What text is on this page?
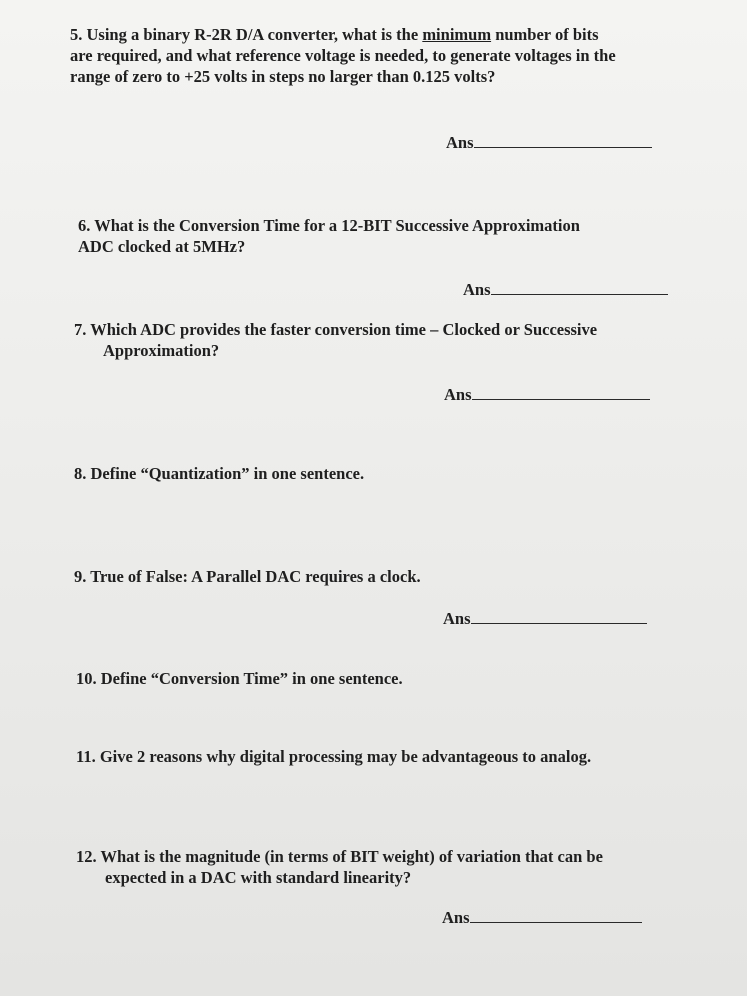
5. Using a binary R-2R D/A converter, what is the minimum number of bits
are required, and what reference voltage is needed, to generate voltages in the
range of zero to +25 volts in steps no larger than 0.125 volts?
Ans
6. What is the Conversion Time for a 12-BIT Successive Approximation
ADC clocked at 5MHz?
Ans
7. Which ADC provides the faster conversion time – Clocked or Successive
Approximation?
Ans
8. Define “Quantization” in one sentence.
9. True of False: A Parallel DAC requires a clock.
Ans
10. Define “Conversion Time” in one sentence.
11. Give 2 reasons why digital processing may be advantageous to analog.
12. What is the magnitude (in terms of BIT weight) of variation that can be
expected in a DAC with standard linearity?
Ans
